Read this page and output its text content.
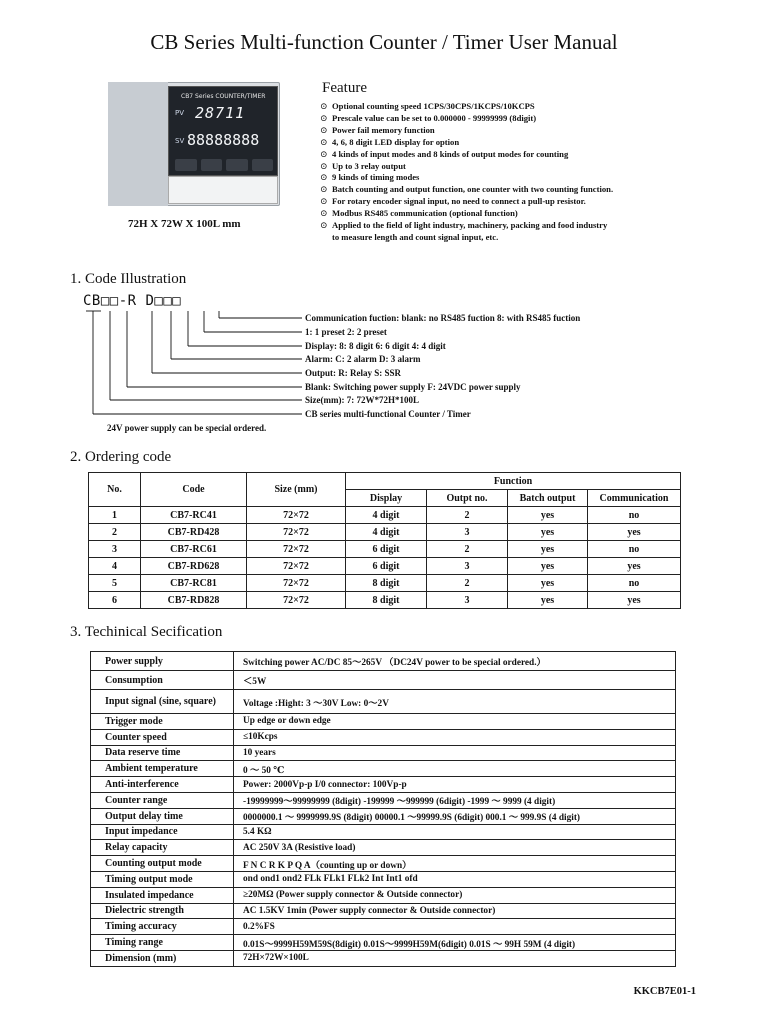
CB Series Multi-function Counter / Timer User Manual
CB7 Series COUNTER/TIMER
PV 28711
SV 88888888
72H X 72W X 100L mm
Feature
⊙ Optional counting speed 1CPS/30CPS/1KCPS/10KCPS
⊙ Prescale value can be set to 0.000000 - 99999999 (8digit)
⊙ Power fail memory function
⊙ 4, 6, 8 digit LED display for option
⊙ 4 kinds of input modes and 8 kinds of output modes for counting
⊙ Up to 3 relay output
⊙ 9 kinds of timing modes
⊙ Batch counting and output function, one counter with two counting function.
⊙ For rotary encoder signal input, no need to connect a pull-up resistor.
⊙ Modbus RS485 communication (optional function)
⊙ Applied to the field of light industry, machinery, packing and food industry
to measure length and count signal input, etc.
1. Code Illustration
CB□□-R D□□□
Communication fuction: blank: no RS485 fuction 8: with RS485 fuction
1: 1 preset 2: 2 preset
Display: 8: 8 digit 6: 6 digit 4: 4 digit
Alarm: C: 2 alarm D: 3 alarm
Output: R: Relay S: SSR
Blank: Switching power supply F: 24VDC power supply
Size(mm): 7: 72W*72H*100L
CB series multi-functional Counter / Timer
24V power supply can be special ordered.
2. Ordering code
No.	Code	Size (mm)	Function			
			Display	Outpt no.	Batch output	Communication
1	CB7-RC41	72×72	4 digit	2	yes	no
2	CB7-RD428	72×72	4 digit	3	yes	yes
3	CB7-RC61	72×72	6 digit	2	yes	no
4	CB7-RD628	72×72	6 digit	3	yes	yes
5	CB7-RC81	72×72	8 digit	2	yes	no
6	CB7-RD828	72×72	8 digit	3	yes	yes
3. Techinical Secification
Power supply	Switching power AC/DC 85～265V （DC24V power to be special ordered.）
Consumption	＜5W
Input signal (sine, square)	Voltage :Hight: 3 ～30V Low: 0～2V
Trigger mode	Up edge or down edge
Counter speed	≤10Kcps
Data reserve time	10 years
Ambient temperature	0 ～ 50 ℃
Anti-interference	Power: 2000Vp-p I/0 connector: 100Vp-p
Counter range	-19999999～99999999 (8digit) -199999 ～999999 (6digit) -1999 ～ 9999 (4 digit)
Output delay time	0000000.1 ～ 9999999.9S (8digit) 00000.1 ～99999.9S (6digit) 000.1 ～ 999.9S (4 digit)
Input impedance	5.4 KΩ
Relay capacity	AC 250V 3A (Resistive load)
Counting output mode	F N C R K P Q A（counting up or down）
Timing output mode	ond ond1 ond2 FLk FLk1 FLk2 Int Int1 ofd
Insulated impedance	≥20MΩ (Power supply connector & Outside connector)
Dielectric strength	AC 1.5KV 1min (Power supply connector & Outside connector)
Timing accuracy	0.2%FS
Timing range	0.01S～9999H59M59S(8digit) 0.01S～9999H59M(6digit) 0.01S ～ 99H 59M (4 digit)
Dimension (mm)	72H×72W×100L
KKCB7E01-1
